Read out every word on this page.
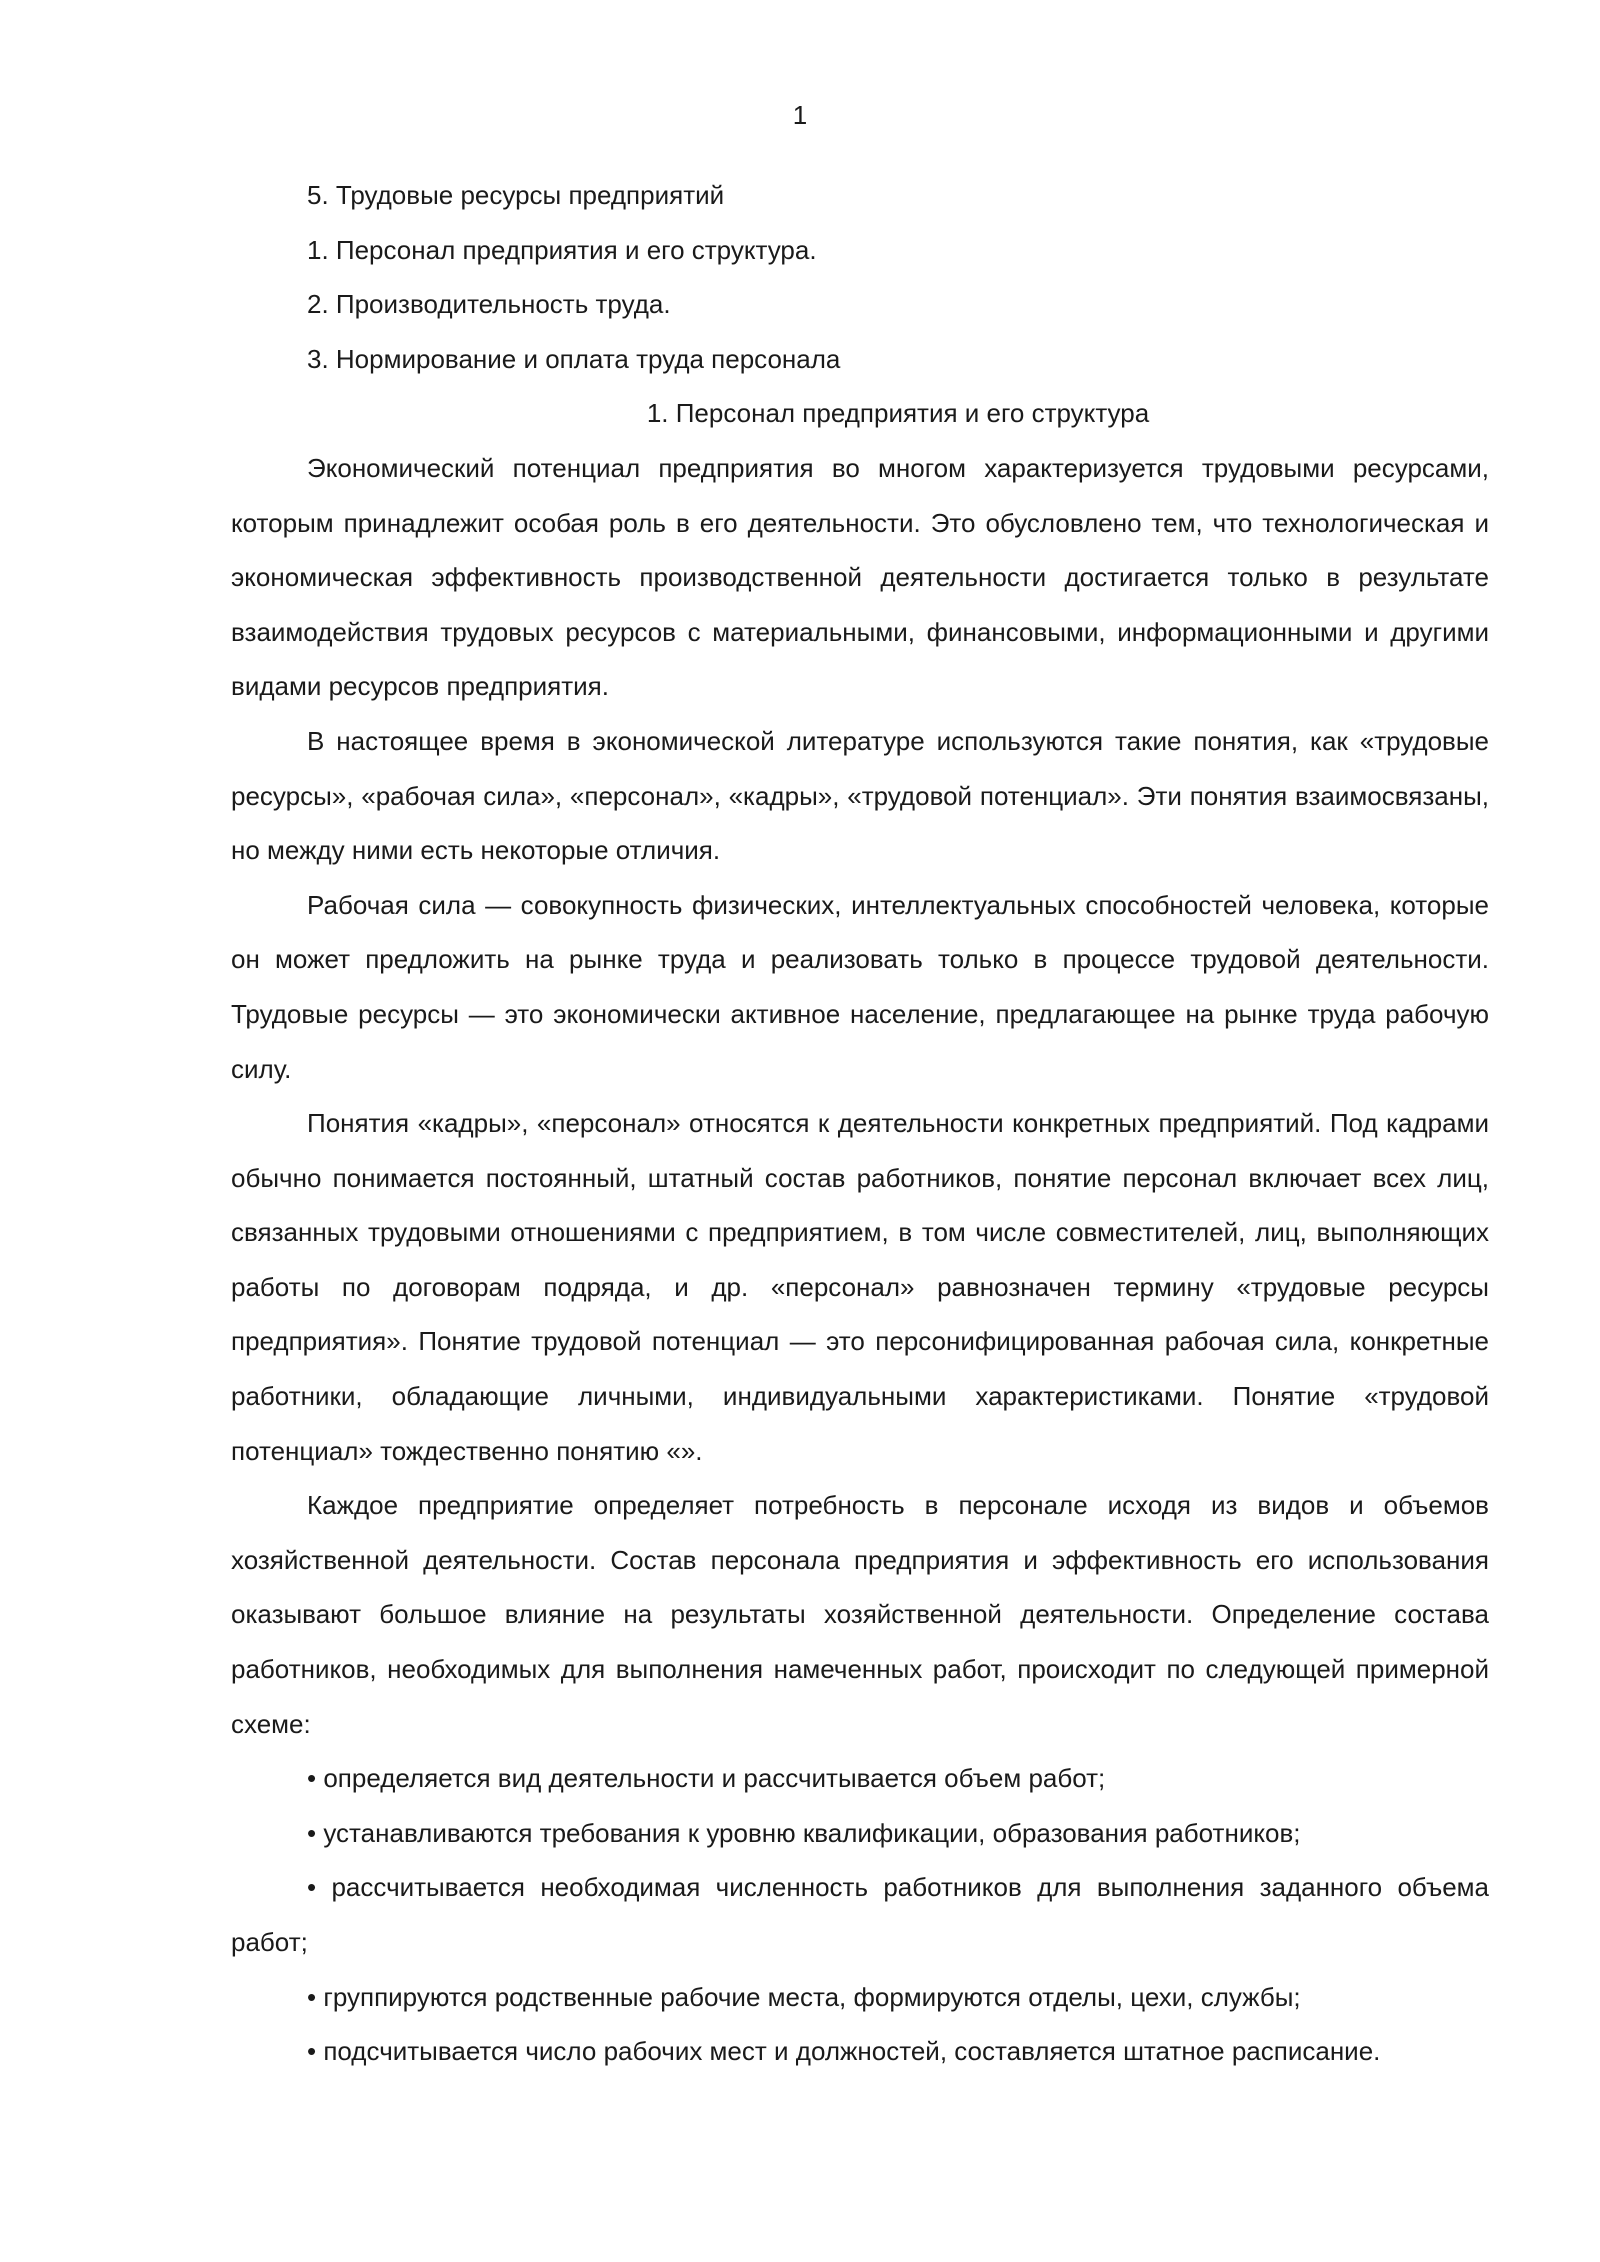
1

5. Трудовые ресурсы предприятий

1. Персонал предприятия и его структура.

2. Производительность труда.

3. Нормирование и оплата труда персонала

1. Персонал предприятия и его структура

Экономический потенциал предприятия во многом характеризуется трудовыми ресурсами, которым принадлежит особая роль в его деятельности. Это обусловлено тем, что технологическая и экономическая эффективность производственной деятельности достигается только в результате взаимодействия трудовых ресурсов с материальными, финансовыми, информационными и другими видами ресурсов предприятия.

В настоящее время в экономической литературе используются такие понятия, как «трудовые ресурсы», «рабочая сила», «персонал», «кадры», «трудовой потенциал». Эти понятия взаимосвязаны, но между ними есть некоторые отличия.

Рабочая сила — совокупность физических, интеллектуальных способностей человека, которые он может предложить на рынке труда и реализовать только в процессе трудовой деятельности. Трудовые ресурсы — это экономически активное население, предлагающее на рынке труда рабочую силу.

Понятия «кадры», «персонал» относятся к деятельности конкретных предприятий. Под кадрами обычно понимается постоянный, штатный состав работников, понятие персонал включает всех лиц, связанных трудовыми отношениями с предприятием, в том числе совместителей, лиц, выполняющих работы по договорам подряда, и др. «персонал» равнозначен термину «трудовые ресурсы предприятия». Понятие трудовой потенциал — это персонифицированная рабочая сила, конкретные работники, обладающие личными, индивидуальными характеристиками. Понятие «трудовой потенциал» тождественно понятию «».

Каждое предприятие определяет потребность в персонале исходя из видов и объемов хозяйственной деятельности. Состав персонала предприятия и эффективность его использования оказывают большое влияние на результаты хозяйственной деятельности. Определение состава работников, необходимых для выполнения намеченных работ, происходит по следующей примерной схеме:

• определяется вид деятельности и рассчитывается объем работ;

• устанавливаются требования к уровню квалификации, образования работников;

• рассчитывается необходимая численность работников для выполнения заданного объема работ;

• группируются родственные рабочие места, формируются отделы, цехи, службы;

• подсчитывается число рабочих мест и должностей, составляется штатное расписание.
